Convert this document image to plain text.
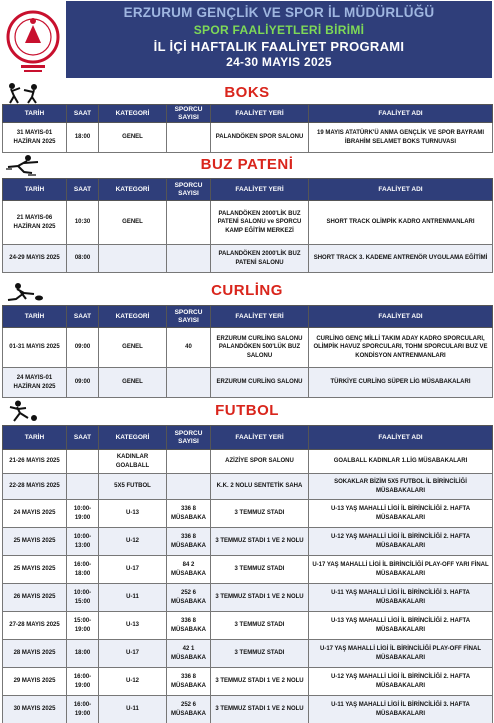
ERZURUM GENÇLİK VE SPOR İL MÜDÜRLÜĞÜ
SPOR FAALİYETLERİ BİRİMİ
İL İÇİ HAFTALIK FAALİYET PROGRAMI
24-30 MAYIS 2025
BOKS
TARİH	SAAT	KATEGORİ	SPORCU SAYISI	FAALİYET YERİ	FAALİYET ADI
31 MAYIS-01 HAZİRAN 2025	18:00	GENEL		PALANDÖKEN SPOR SALONU	19 MAYIS ATATÜRK'Ü ANMA GENÇLİK VE SPOR BAYRAMI İBRAHİM SELAMET BOKS TURNUVASI
BUZ PATENİ
TARİH	SAAT	KATEGORİ	SPORCU SAYISI	FAALİYET YERİ	FAALİYET ADI
21 MAYIS-06 HAZİRAN 2025	10:30	GENEL		PALANDÖKEN 2000'LİK BUZ PATENİ SALONU ve SPORCU KAMP EĞİTİM MERKEZİ	SHORT TRACK OLİMPİK KADRO ANTRENMANLARI
24-29 MAYIS 2025	08:00			PALANDÖKEN 2000'LİK BUZ PATENİ SALONU	SHORT TRACK 3. KADEME ANTRENÖR UYGULAMA EĞİTİMİ
CURLİNG
TARİH	SAAT	KATEGORİ	SPORCU SAYISI	FAALİYET YERİ	FAALİYET ADI
01-31 MAYIS 2025	09:00	GENEL	40	ERZURUM CURLİNG SALONU PALANDÖKEN 500'LÜK BUZ SALONU	CURLİNG GENÇ MİLLİ TAKIM ADAY KADRO SPORCULARI, OLİMPİK HAVUZ SPORCULARI, TOHM SPORCULARI BUZ VE KONDİSYON ANTRENMANLARI
24 MAYIS-01 HAZİRAN 2025	09:00	GENEL		ERZURUM CURLİNG SALONU	TÜRKİYE CURLİNG SÜPER LİG MÜSABAKALARI
FUTBOL
TARİH	SAAT	KATEGORİ	SPORCU SAYISI	FAALİYET YERİ	FAALİYET ADI
21-26 MAYIS 2025		KADINLAR GOALBALL		AZİZİYE SPOR SALONU	GOALBALL KADINLAR 1.LİG MÜSABAKALARI
22-28 MAYIS 2025		5X5 FUTBOL		K.K. 2 NOLU SENTETİK SAHA	SOKAKLAR BİZİM 5X5 FUTBOL İL BİRİNCİLİĞİ MÜSABAKALARI
24 MAYIS 2025	10:00-19:00	U-13	336 8 MÜSABAKA	3 TEMMUZ STADI	U-13 YAŞ MAHALLİ LİGİ İL BİRİNCİLİĞİ 2. HAFTA MÜSABAKALARI
25 MAYIS 2025	10:00-13:00	U-12	336 8 MÜSABAKA	3 TEMMUZ STADI 1 VE 2 NOLU	U-12 YAŞ MAHALLİ LİGİ İL BİRİNCİLİĞİ 2. HAFTA MÜSABAKALARI
25 MAYIS 2025	16:00-18:00	U-17	84 2 MÜSABAKA	3 TEMMUZ STADI	U-17 YAŞ MAHALLİ LİGİ İL BİRİNCİLİĞİ PLAY-OFF YARI FİNAL MÜSABAKALARI
26 MAYIS 2025	10:00-15:00	U-11	252 6 MÜSABAKA	3 TEMMUZ STADI 1 VE 2 NOLU	U-11 YAŞ MAHALLİ LİGİ İL BİRİNCİLİĞİ 3. HAFTA MÜSABAKALARI
27-28 MAYIS 2025	15:00-19:00	U-13	336 8 MÜSABAKA	3 TEMMUZ STADI	U-13 YAŞ MAHALLİ LİGİ İL BİRİNCİLİĞİ 2. HAFTA MÜSABAKALARI
28 MAYIS 2025	18:00	U-17	42 1 MÜSABAKA	3 TEMMUZ STADI	U-17 YAŞ MAHALLİ LİGİ İL BİRİNCİLİĞİ PLAY-OFF FİNAL MÜSABAKALARI
29 MAYIS 2025	16:00-19:00	U-12	336 8 MÜSABAKA	3 TEMMUZ STADI 1 VE 2 NOLU	U-12 YAŞ MAHALLİ LİGİ İL BİRİNCİLİĞİ 2. HAFTA MÜSABAKALARI
30 MAYIS 2025	16:00-19:00	U-11	252 6 MÜSABAKA	3 TEMMUZ STADI 1 VE 2 NOLU	U-11 YAŞ MAHALLİ LİGİ İL BİRİNCİLİĞİ 3. HAFTA MÜSABAKALARI
